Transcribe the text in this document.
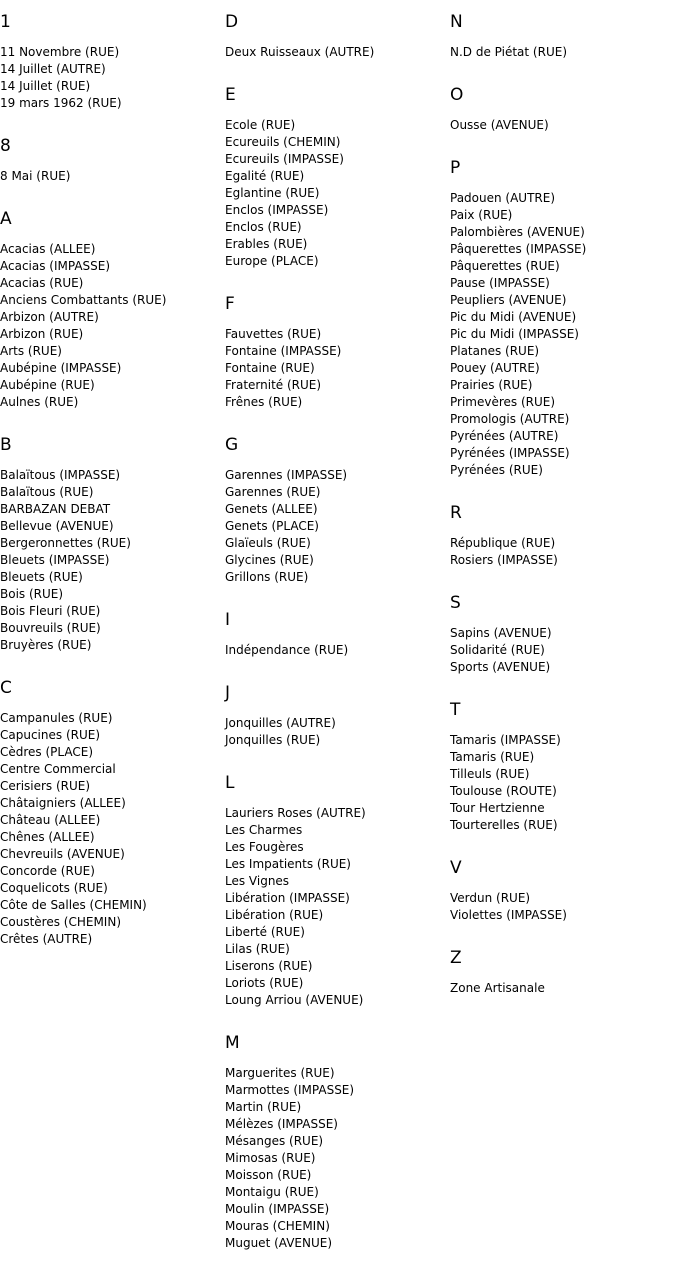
1
11 Novembre (RUE)
14 Juillet (AUTRE)
14 Juillet (RUE)
19 mars 1962 (RUE)
8
8 Mai (RUE)
A
Acacias (ALLEE)
Acacias (IMPASSE)
Acacias (RUE)
Anciens Combattants (RUE)
Arbizon (AUTRE)
Arbizon (RUE)
Arts (RUE)
Aubépine (IMPASSE)
Aubépine (RUE)
Aulnes (RUE)
B
Balaïtous (IMPASSE)
Balaïtous (RUE)
BARBAZAN DEBAT
Bellevue (AVENUE)
Bergeronnettes (RUE)
Bleuets (IMPASSE)
Bleuets (RUE)
Bois (RUE)
Bois Fleuri (RUE)
Bouvreuils (RUE)
Bruyères (RUE)
C
Campanules (RUE)
Capucines (RUE)
Cèdres (PLACE)
Centre Commercial
Cerisiers (RUE)
Châtaigniers (ALLEE)
Château (ALLEE)
Chênes (ALLEE)
Chevreuils (AVENUE)
Concorde (RUE)
Coquelicots (RUE)
Côte de Salles (CHEMIN)
Coustères (CHEMIN)
Crêtes (AUTRE)
D
Deux Ruisseaux (AUTRE)
E
Ecole (RUE)
Ecureuils (CHEMIN)
Ecureuils (IMPASSE)
Egalité (RUE)
Eglantine (RUE)
Enclos (IMPASSE)
Enclos (RUE)
Erables (RUE)
Europe (PLACE)
F
Fauvettes (RUE)
Fontaine (IMPASSE)
Fontaine (RUE)
Fraternité (RUE)
Frênes (RUE)
G
Garennes (IMPASSE)
Garennes (RUE)
Genets (ALLEE)
Genets (PLACE)
Glaïeuls (RUE)
Glycines (RUE)
Grillons (RUE)
I
Indépendance (RUE)
J
Jonquilles (AUTRE)
Jonquilles (RUE)
L
Lauriers Roses (AUTRE)
Les Charmes
Les Fougères
Les Impatients (RUE)
Les Vignes
Libération (IMPASSE)
Libération (RUE)
Liberté (RUE)
Lilas (RUE)
Liserons (RUE)
Loriots (RUE)
Loung Arriou (AVENUE)
M
Marguerites (RUE)
Marmottes (IMPASSE)
Martin (RUE)
Mélèzes (IMPASSE)
Mésanges (RUE)
Mimosas (RUE)
Moisson (RUE)
Montaigu (RUE)
Moulin (IMPASSE)
Mouras (CHEMIN)
Muguet (AVENUE)
N
N.D de Piétat (RUE)
O
Ousse (AVENUE)
P
Padouen (AUTRE)
Paix (RUE)
Palombières (AVENUE)
Pâquerettes (IMPASSE)
Pâquerettes (RUE)
Pause (IMPASSE)
Peupliers (AVENUE)
Pic du Midi (AVENUE)
Pic du Midi (IMPASSE)
Platanes (RUE)
Pouey (AUTRE)
Prairies (RUE)
Primevères (RUE)
Promologis (AUTRE)
Pyrénées (AUTRE)
Pyrénées (IMPASSE)
Pyrénées (RUE)
R
République (RUE)
Rosiers (IMPASSE)
S
Sapins (AVENUE)
Solidarité (RUE)
Sports (AVENUE)
T
Tamaris (IMPASSE)
Tamaris (RUE)
Tilleuls (RUE)
Toulouse (ROUTE)
Tour Hertzienne
Tourterelles (RUE)
V
Verdun (RUE)
Violettes (IMPASSE)
Z
Zone Artisanale
